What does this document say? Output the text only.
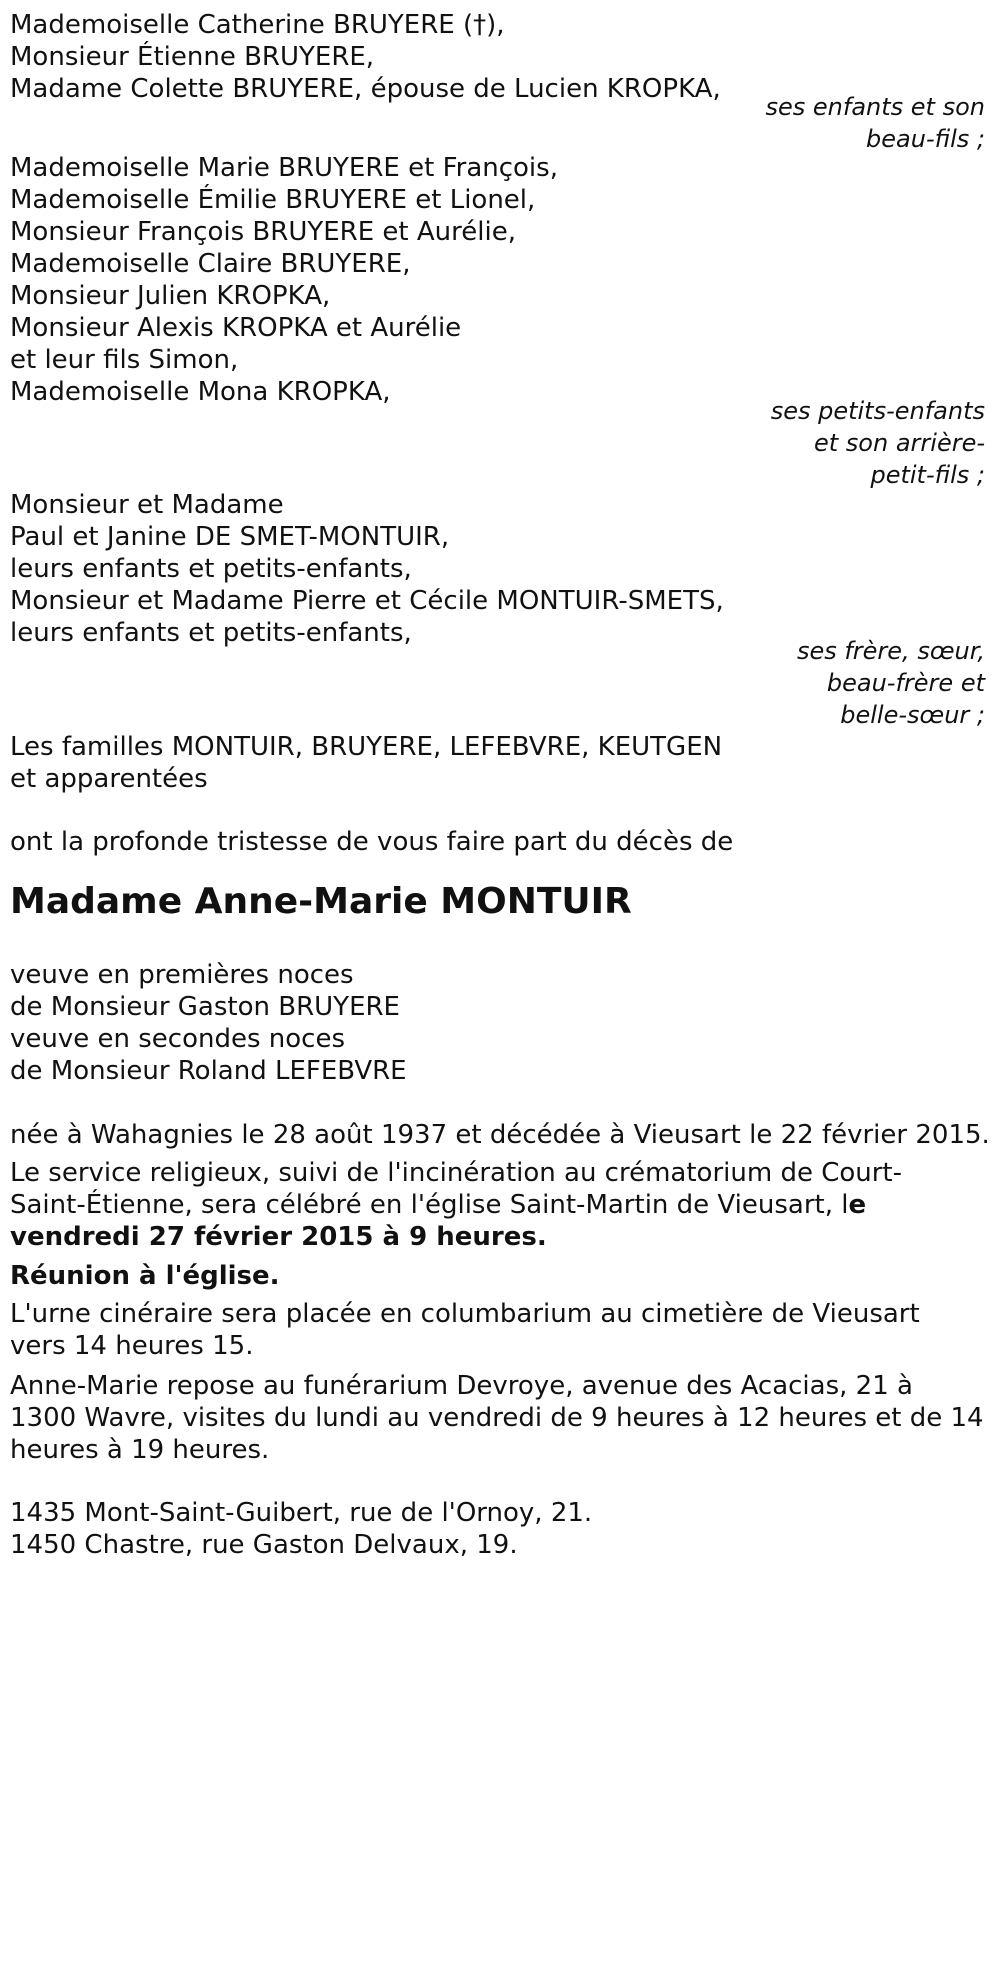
Mademoiselle Catherine BRUYERE (†),
Monsieur Étienne BRUYERE,
Madame Colette BRUYERE, épouse de Lucien KROPKA,
ses enfants et son
beau-fils ;
Mademoiselle Marie BRUYERE et François,
Mademoiselle Émilie BRUYERE et Lionel,
Monsieur François BRUYERE et Aurélie,
Mademoiselle Claire BRUYERE,
Monsieur Julien KROPKA,
Monsieur Alexis KROPKA et Aurélie
et leur fils Simon,
Mademoiselle Mona KROPKA,
ses petits-enfants
et son arrière-
petit-fils ;
Monsieur et Madame
Paul et Janine DE SMET-MONTUIR,
leurs enfants et petits-enfants,
Monsieur et Madame Pierre et Cécile MONTUIR-SMETS,
leurs enfants et petits-enfants,
ses frère, sœur,
beau-frère et
belle-sœur ;
Les familles MONTUIR, BRUYERE, LEFEBVRE, KEUTGEN
et apparentées
ont la profonde tristesse de vous faire part du décès de
Madame Anne-Marie MONTUIR
veuve en premières noces
de Monsieur Gaston BRUYERE
veuve en secondes noces
de Monsieur Roland LEFEBVRE
née à Wahagnies le 28 août 1937 et décédée à Vieusart le 22 février 2015.
Le service religieux, suivi de l'incinération au crématorium de Court-
Saint-Étienne, sera célébré en l'église Saint-Martin de Vieusart, le
vendredi 27 février 2015 à 9 heures.
Réunion à l'église.
L'urne cinéraire sera placée en columbarium au cimetière de Vieusart
vers 14 heures 15.
Anne-Marie repose au funérarium Devroye, avenue des Acacias, 21 à
1300 Wavre, visites du lundi au vendredi de 9 heures à 12 heures et de 14
heures à 19 heures.
1435 Mont-Saint-Guibert, rue de l'Ornoy, 21.
1450 Chastre, rue Gaston Delvaux, 19.
